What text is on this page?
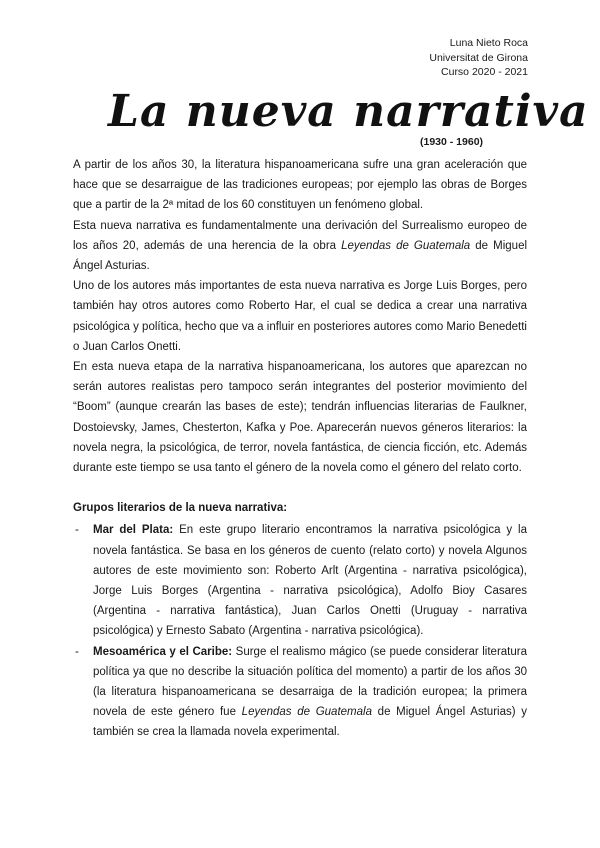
Luna Nieto Roca
Universitat de Girona
Curso 2020 - 2021
La nueva narrativa
(1930 - 1960)

A partir de los años 30, la literatura hispanoamericana sufre una gran aceleración que hace que se desarraigue de las tradiciones europeas; por ejemplo las obras de Borges que a partir de la 2ª mitad de los 60 constituyen un fenómeno global.

Esta nueva narrativa es fundamentalmente una derivación del Surrealismo europeo de los años 20, además de una herencia de la obra Leyendas de Guatemala de Miguel Ángel Asturias.

Uno de los autores más importantes de esta nueva narrativa es Jorge Luis Borges, pero también hay otros autores como Roberto Har, el cual se dedica a crear una narrativa psicológica y política, hecho que va a influir en posteriores autores como Mario Benedetti o Juan Carlos Onetti.

En esta nueva etapa de la narrativa hispanoamericana, los autores que aparezcan no serán autores realistas pero tampoco serán integrantes del posterior movimiento del “Boom” (aunque crearán las bases de este); tendrán influencias literarias de Faulkner, Dostoievsky, James, Chesterton, Kafka y Poe. Aparecerán nuevos géneros literarios: la novela negra, la psicológica, de terror, novela fantástica, de ciencia ficción, etc. Además durante este tiempo se usa tanto el género de la novela como el género del relato corto.

Grupos literarios de la nueva narrativa:

- Mar del Plata: En este grupo literario encontramos la narrativa psicológica y la novela fantástica. Se basa en los géneros de cuento (relato corto) y novela Algunos autores de este movimiento son: Roberto Arlt (Argentina - narrativa psicológica), Jorge Luis Borges (Argentina - narrativa psicológica), Adolfo Bioy Casares (Argentina - narrativa fantástica), Juan Carlos Onetti (Uruguay - narrativa psicológica) y Ernesto Sabato (Argentina - narrativa psicológica).
- Mesoamérica y el Caribe: Surge el realismo mágico (se puede considerar literatura política ya que no describe la situación política del momento) a partir de los años 30 (la literatura hispanoamericana se desarraiga de la tradición europea; la primera novela de este género fue Leyendas de Guatemala de Miguel Ángel Asturias) y también se crea la llamada novela experimental.
